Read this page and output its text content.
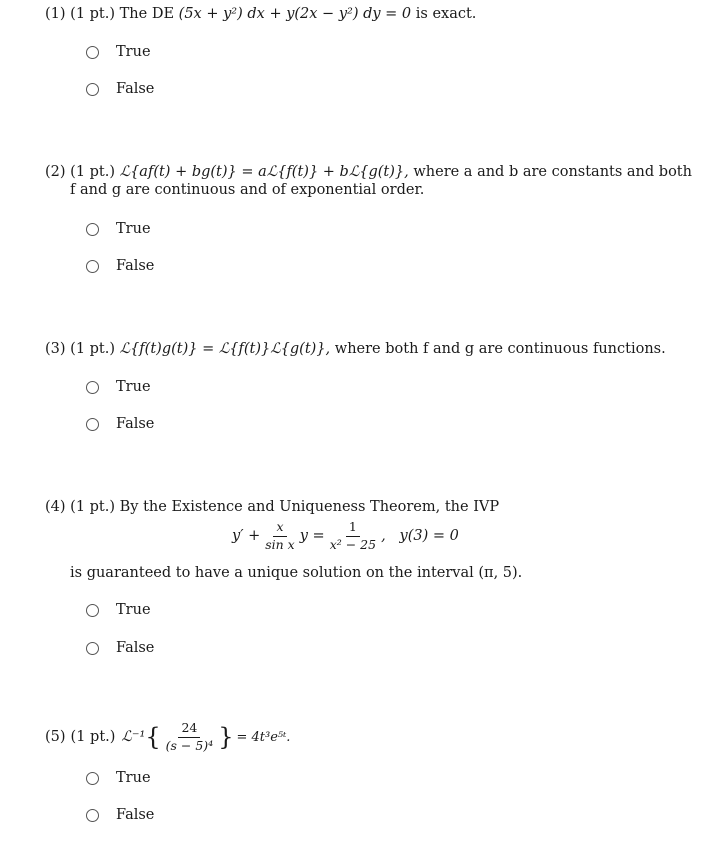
(1) (1 pt.) The DE (5x + y²) dx + y(2x − y²) dy = 0 is exact.
True
False
(2) (1 pt.) ℒ{af(t) + bg(t)} = aℒ{f(t)} + bℒ{g(t)}, where a and b are constants and both
f and g are continuous and of exponential order.
True
False
(3) (1 pt.) ℒ{f(t)g(t)} = ℒ{f(t)}ℒ{g(t)}, where both f and g are continuous functions.
True
False
(4) (1 pt.) By the Existence and Uniqueness Theorem, the IVP
$y' + \frac{x}{\text{sin x}}$ $y = \frac{1}{\text{x² − 25}}$ ,   y(3) = 0
is guaranteed to have a unique solution on the interval (π, 5).
True
False
(5) (1 pt.) ℒ⁻¹ { $\frac{24}{\text{(s − 5)⁴}}$ } = 4t³e⁵ᵗ.
True
False
